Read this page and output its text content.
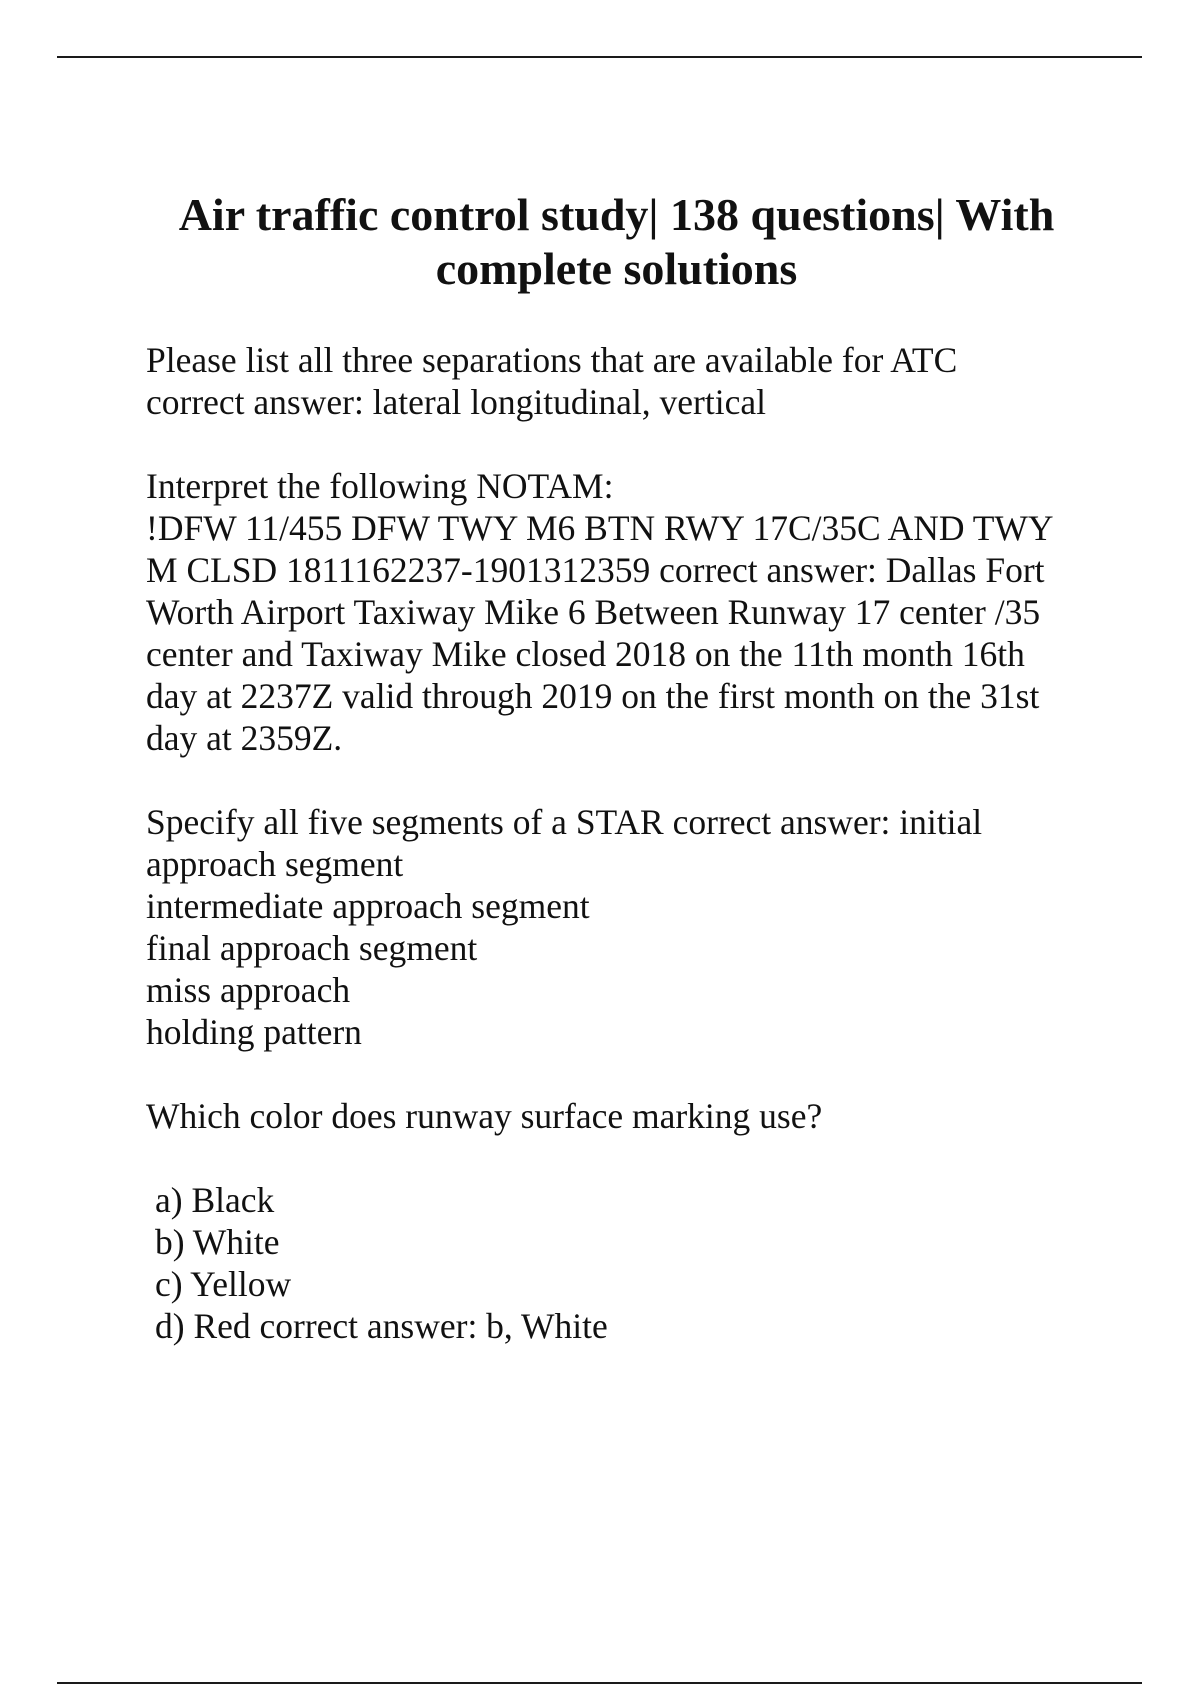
Air traffic control study| 138 questions| With
complete solutions
Please list all three separations that are available for ATC
correct answer: lateral longitudinal, vertical
Interpret the following NOTAM:
!DFW 11/455 DFW TWY M6 BTN RWY 17C/35C AND TWY
M CLSD 1811162237-1901312359 correct answer: Dallas Fort
Worth Airport Taxiway Mike 6 Between Runway 17 center /35
center and Taxiway Mike closed 2018 on the 11th month 16th
day at 2237Z valid through 2019 on the first month on the 31st
day at 2359Z.
Specify all five segments of a STAR correct answer: initial
approach segment
intermediate approach segment
final approach segment
miss approach
holding pattern
Which color does runway surface marking use?
a) Black
b) White
c) Yellow
d) Red correct answer: b, White
